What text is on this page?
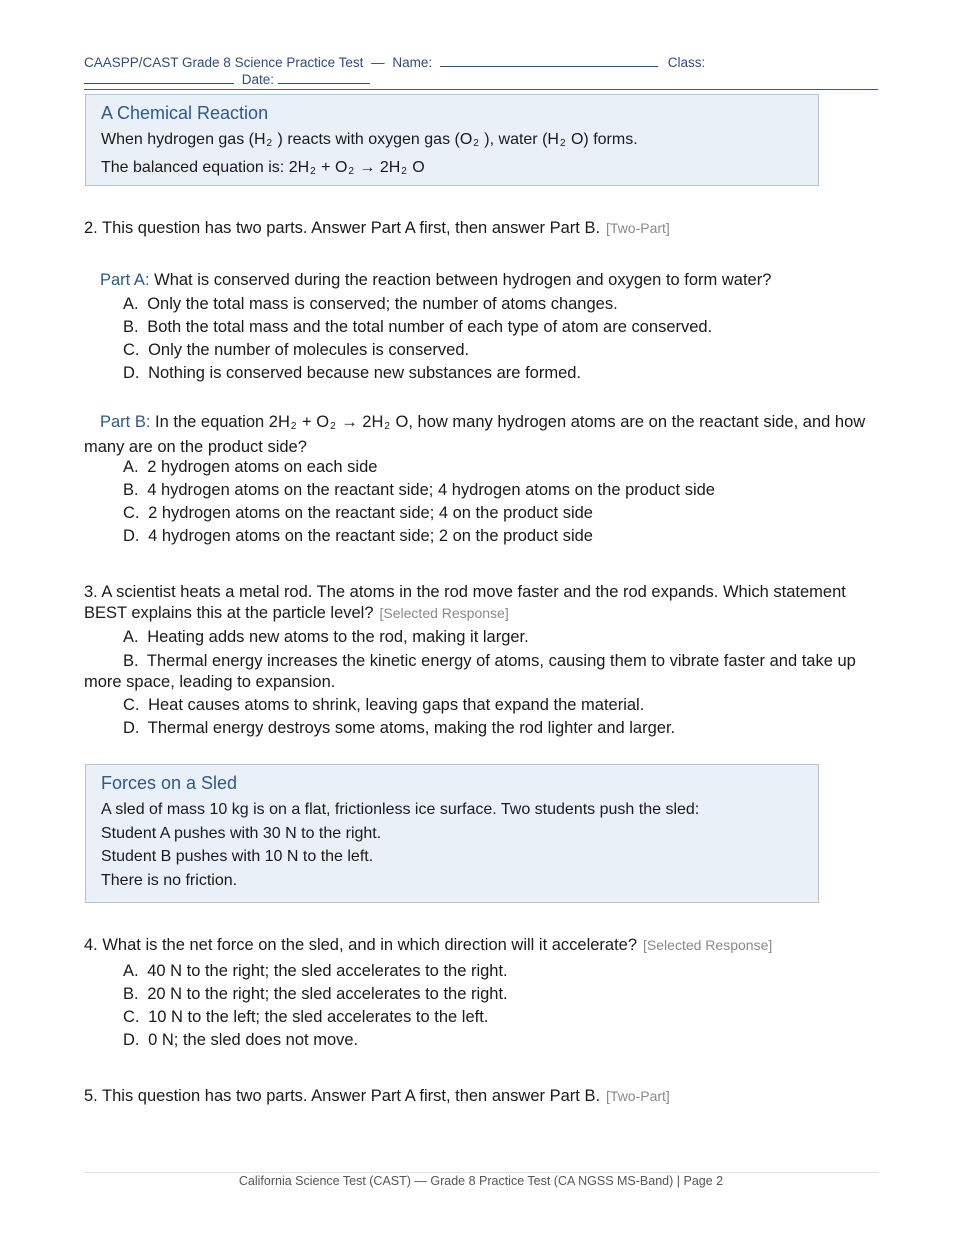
CAASPP/CAST Grade 8 Science Practice Test — Name:	Class:
Date:
A Chemical Reaction
When hydrogen gas ($H_2$ ) reacts with oxygen gas ($O_2$ ), water ($H_2$ O) forms.
The balanced equation is: $2H_2 + O_2 \to 2H_2$ O
2. This question has two parts. Answer Part A first, then answer Part B. [Two-Part]
Part A: What is conserved during the reaction between hydrogen and oxygen to form water?
A. Only the total mass is conserved; the number of atoms changes.
B. Both the total mass and the total number of each type of atom are conserved.
C. Only the number of molecules is conserved.
D. Nothing is conserved because new substances are formed.
Part B: In the equation $2H_2 + O_2 \to 2H_2$ O, how many hydrogen atoms are on the reactant side, and how many are on the product side?
A. 2 hydrogen atoms on each side
B. 4 hydrogen atoms on the reactant side; 4 hydrogen atoms on the product side
C. 2 hydrogen atoms on the reactant side; 4 on the product side
D. 4 hydrogen atoms on the reactant side; 2 on the product side
3. A scientist heats a metal rod. The atoms in the rod move faster and the rod expands. Which statement BEST explains this at the particle level? [Selected Response]
A. Heating adds new atoms to the rod, making it larger.
B. Thermal energy increases the kinetic energy of atoms, causing them to vibrate faster and take up more space, leading to expansion.
C. Heat causes atoms to shrink, leaving gaps that expand the material.
D. Thermal energy destroys some atoms, making the rod lighter and larger.
Forces on a Sled
A sled of mass 10 kg is on a flat, frictionless ice surface. Two students push the sled:
Student A pushes with 30 N to the right.
Student B pushes with 10 N to the left.
There is no friction.
4. What is the net force on the sled, and in which direction will it accelerate? [Selected Response]
A. 40 N to the right; the sled accelerates to the right.
B. 20 N to the right; the sled accelerates to the right.
C. 10 N to the left; the sled accelerates to the left.
D. 0 N; the sled does not move.
5. This question has two parts. Answer Part A first, then answer Part B. [Two-Part]
California Science Test (CAST) — Grade 8 Practice Test (CA NGSS MS-Band) | Page 2
